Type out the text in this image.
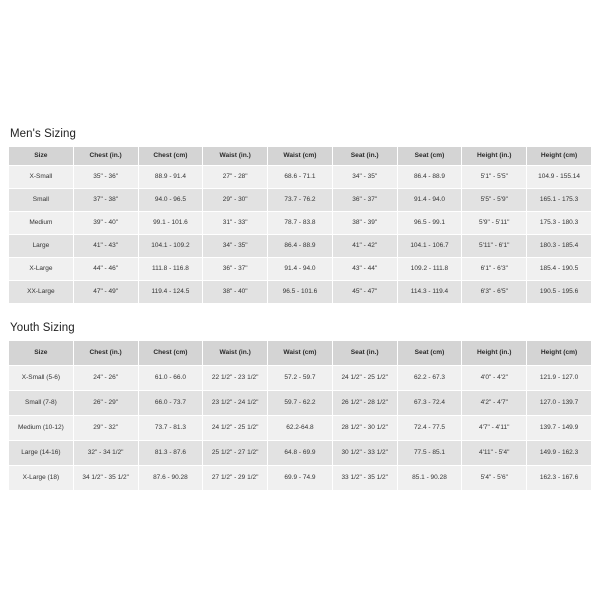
Men's Sizing
Size	Chest (in.)	Chest (cm)	Waist (in.)	Waist (cm)	Seat (in.)	Seat (cm)	Height (in.)	Height (cm)
X-Small	35" - 36"	88.9 - 91.4	27" - 28"	68.6 - 71.1	34" - 35"	86.4 - 88.9	5'1" - 5'5"	104.9 - 155.14
Small	37" - 38"	94.0 - 96.5	29" - 30"	73.7 - 76.2	36" - 37"	91.4 - 94.0	5'5" - 5'9"	165.1 - 175.3
Medium	39" - 40"	99.1 - 101.6	31" - 33"	78.7 - 83.8	38" - 39"	96.5 - 99.1	5'9" - 5'11"	175.3 - 180.3
Large	41" - 43"	104.1 - 109.2	34" - 35"	86.4 - 88.9	41" - 42"	104.1 - 106.7	5'11" - 6'1"	180.3 - 185.4
X-Large	44" - 46"	111.8 - 116.8	36" - 37"	91.4 - 94.0	43" - 44"	109.2 - 111.8	6'1" - 6'3"	185.4 - 190.5
XX-Large	47" - 49"	119.4 - 124.5	38" - 40"	96.5 - 101.6	45" - 47"	114.3 - 119.4	6'3" - 6'5"	190.5 - 195.6
Youth Sizing
Size	Chest (in.)	Chest (cm)	Waist (in.)	Waist (cm)	Seat (in.)	Seat (cm)	Height (in.)	Height (cm)
X-Small (5-6)	24" - 26"	61.0 - 66.0	22 1/2" - 23 1/2"	57.2 - 59.7	24 1/2" - 25 1/2"	62.2 - 67.3	4'0" - 4'2"	121.9 - 127.0
Small (7-8)	26" - 29"	66.0 - 73.7	23 1/2" - 24 1/2"	59.7 - 62.2	26 1/2" - 28 1/2"	67.3 - 72.4	4'2" - 4'7"	127.0 - 139.7
Medium (10-12)	29" - 32"	73.7 - 81.3	24 1/2" - 25 1/2"	62.2-64.8	28 1/2" - 30 1/2"	72.4 - 77.5	4'7" - 4'11"	139.7 - 149.9
Large (14-16)	32" - 34 1/2"	81.3 - 87.6	25 1/2" - 27 1/2"	64.8 - 69.9	30 1/2" - 33 1/2"	77.5 - 85.1	4'11" - 5'4"	149.9 - 162.3
X-Large (18)	34 1/2" - 35 1/2"	87.6 - 90.28	27 1/2" - 29 1/2"	69.9 - 74.9	33 1/2" - 35 1/2"	85.1 - 90.28	5'4" - 5'6"	162.3 - 167.6
